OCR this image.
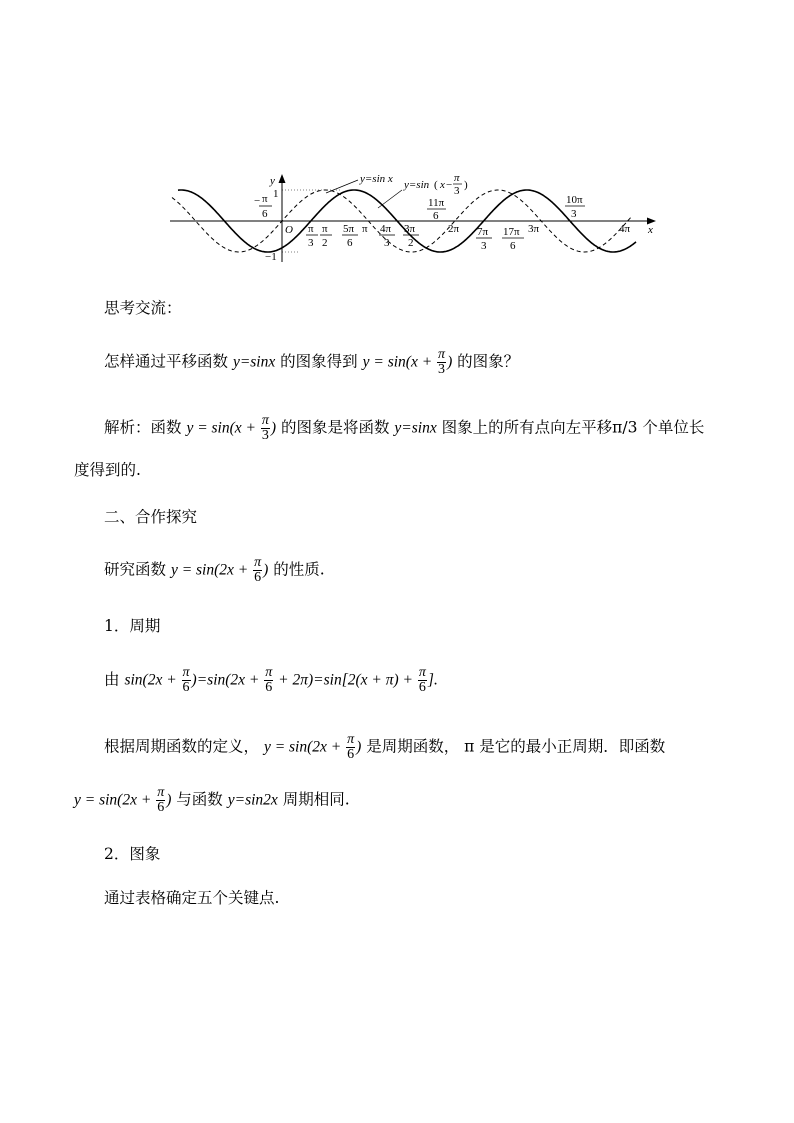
y
1
−1
O	x
− π
6
π
3
π
2
5π
6
π 4π
3
3π
2
11π
6
2π 7π
3
17π
6
3π
10π
3
4π
y=sin x y=sin ( x −
π
3 )
思考交流：
怎样通过平移函数 y=sinx 的图象得到 $y = \sin(x + \frac{\pi}{3}$ ) 的图象？
解析：函数 $y = \sin(x + \frac{\pi}{3}$ ) 的图象是将函数 y=sinx 图象上的所有点向左平移π/3 个单位长
度得到的.
二、合作探究
研究函数 $y = \sin(2x + \frac{\pi}{6}$ ) 的性质.
1．周期
由 $\sin(2x + \frac{\pi}{6} )=\sin(2x + \frac{\pi}{6} + 2\pi)=\sin[2(x + \pi) + \frac{\pi}{6}$ ].
根据周期函数的定义， $y = \sin(2x + \frac{\pi}{6}$ ) 是周期函数， π 是它的最小正周期．即函数
$y = \sin(2x + \frac{\pi}{6}$ ) 与函数 y=sin2x 周期相同.
2．图象
通过表格确定五个关键点.
